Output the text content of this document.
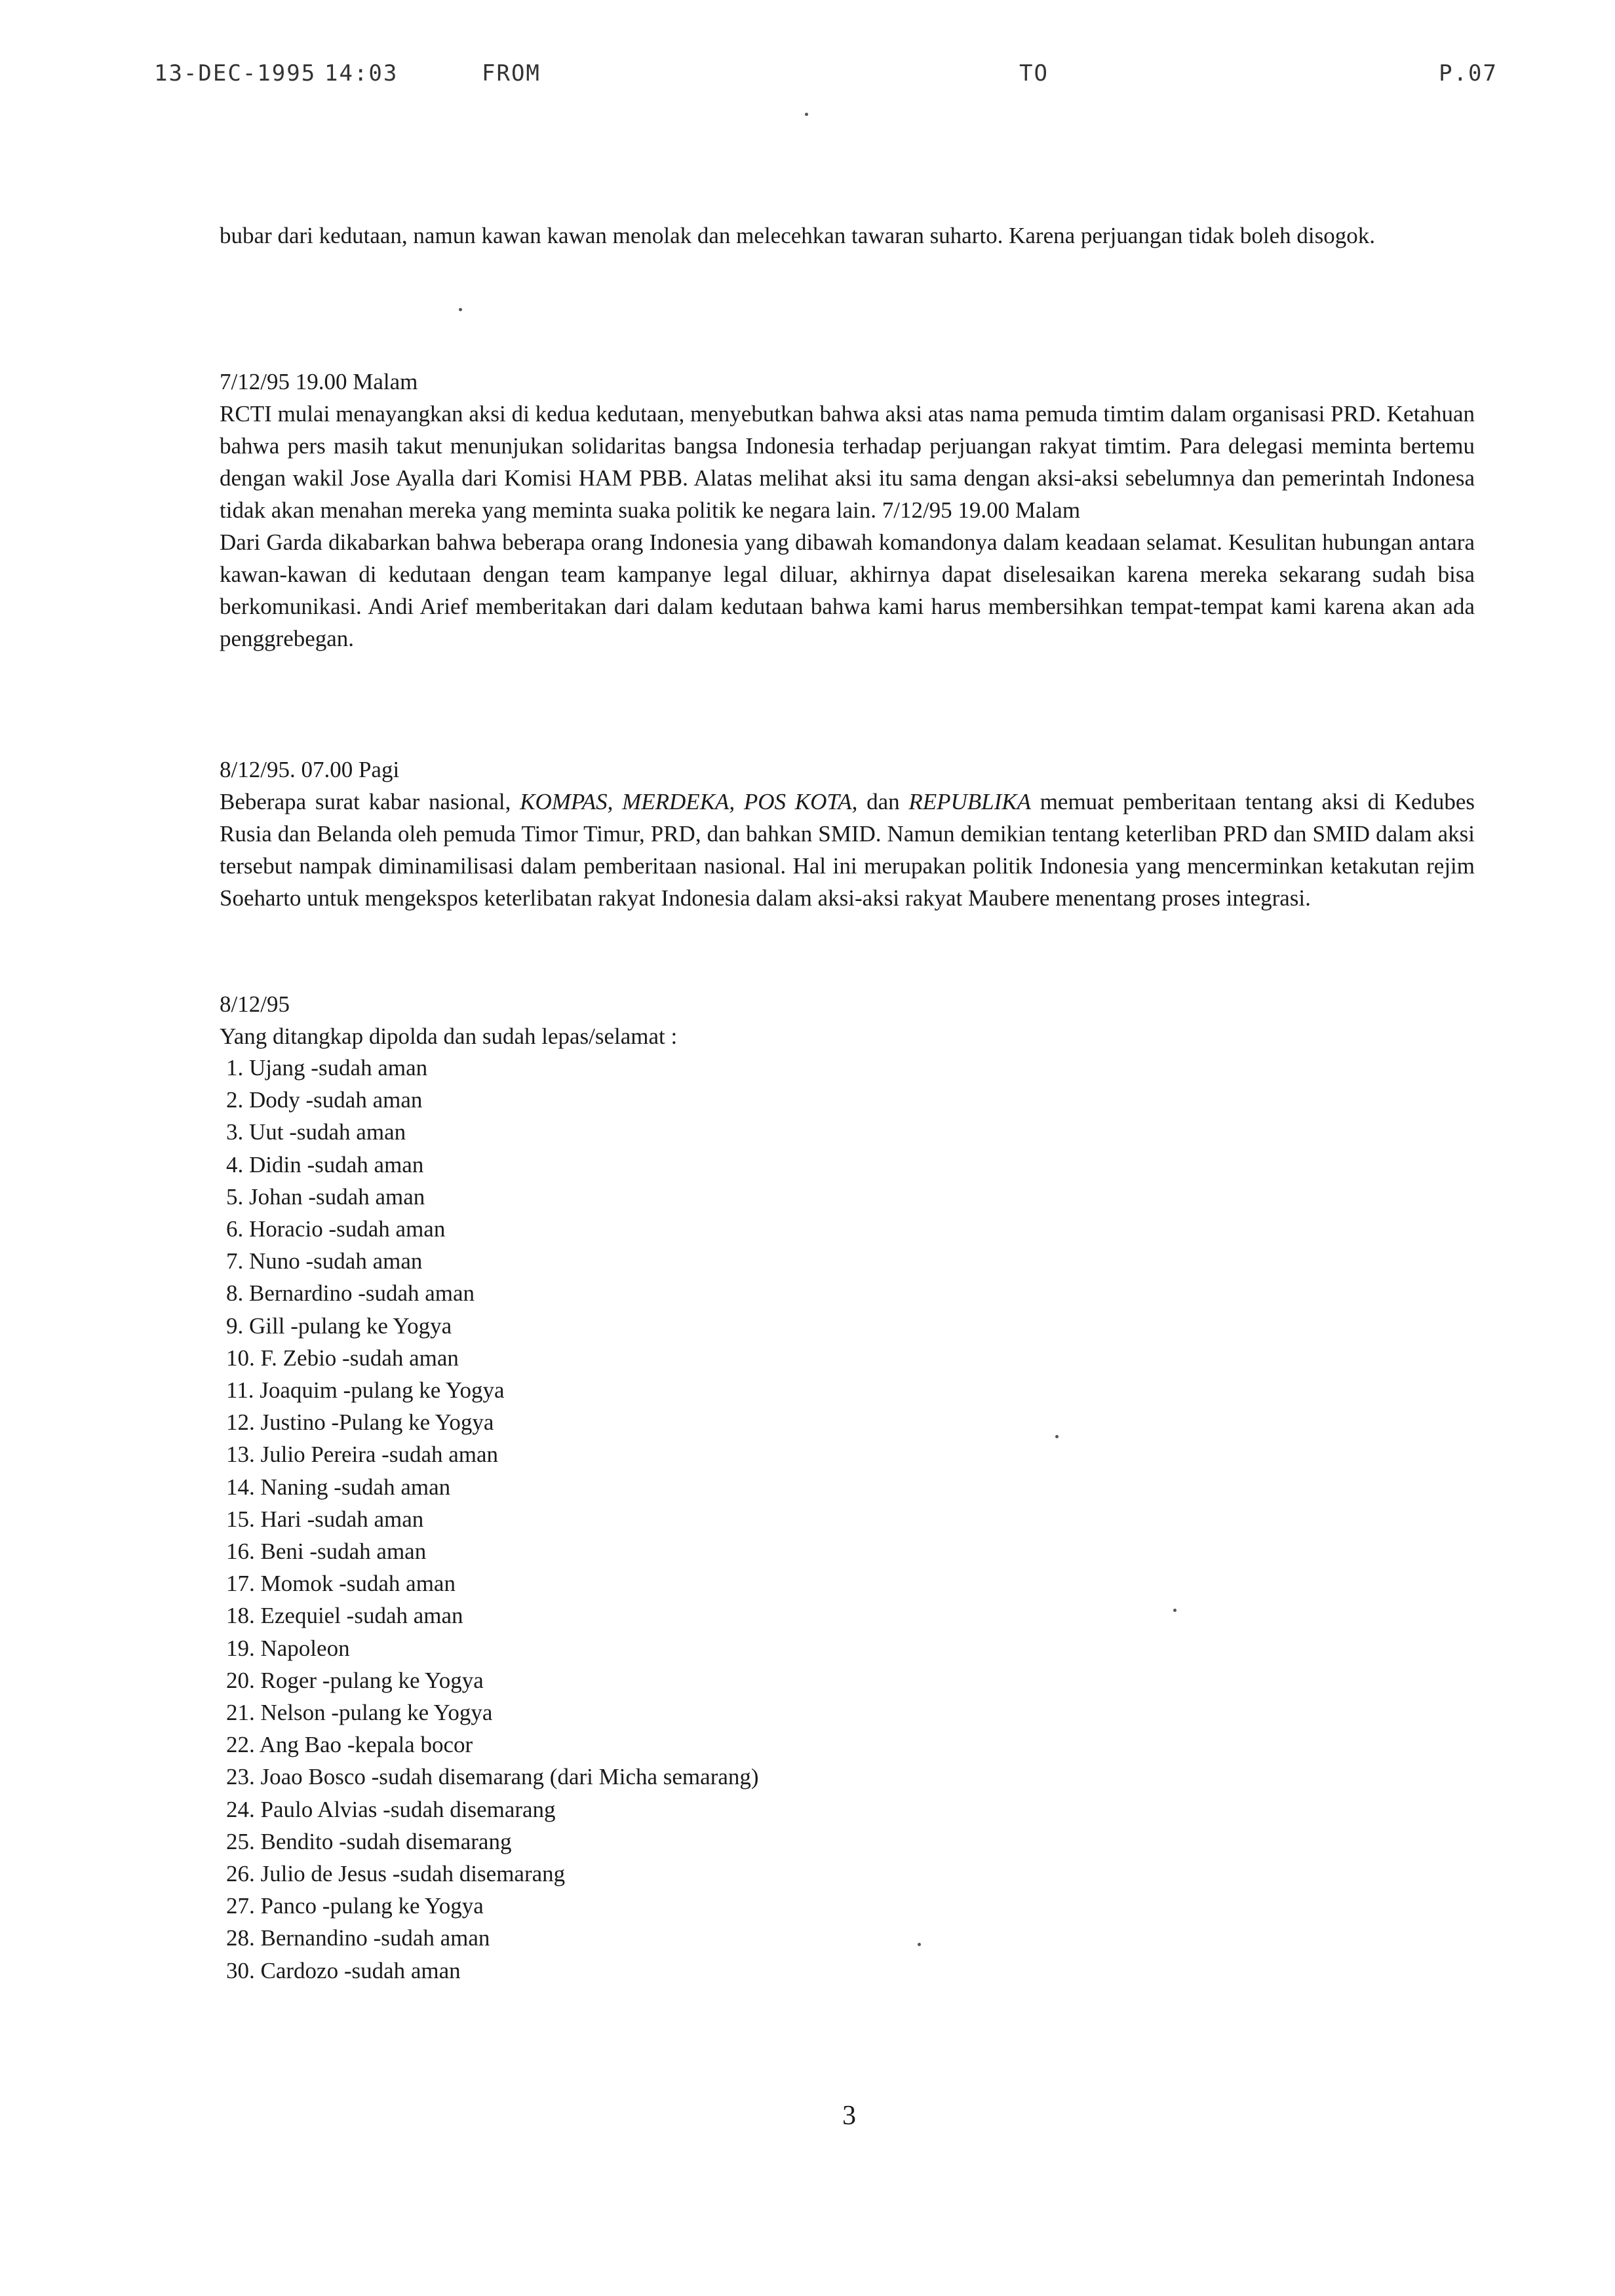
13-DEC-1995 14:03	FROM	TO	P.07

bubar dari kedutaan, namun kawan kawan menolak dan melecehkan tawaran suharto. Karena perjuangan tidak boleh disogok.

7/12/95 19.00 Malam

RCTI mulai menayangkan aksi di kedua kedutaan, menyebutkan bahwa aksi atas nama pemuda timtim dalam organisasi PRD. Ketahuan bahwa pers masih takut menunjukan solidaritas bangsa Indonesia terhadap perjuangan rakyat timtim. Para delegasi meminta bertemu dengan wakil Jose Ayalla dari Komisi HAM PBB. Alatas melihat aksi itu sama dengan aksi-aksi sebelumnya dan pemerintah Indonesa tidak akan menahan mereka yang meminta suaka politik ke negara lain. 7/12/95 19.00 Malam

Dari Garda dikabarkan bahwa beberapa orang Indonesia yang dibawah komandonya dalam keadaan selamat. Kesulitan hubungan antara kawan-kawan di kedutaan dengan team kampanye legal diluar, akhirnya dapat diselesaikan karena mereka sekarang sudah bisa berkomunikasi. Andi Arief memberitakan dari dalam kedutaan bahwa kami harus membersihkan tempat-tempat kami karena akan ada penggrebegan.

8/12/95. 07.00 Pagi

Beberapa surat kabar nasional, KOMPAS, MERDEKA, POS KOTA, dan REPUBLIKA memuat pemberitaan tentang aksi di Kedubes Rusia dan Belanda oleh pemuda Timor Timur, PRD, dan bahkan SMID. Namun demikian tentang keterliban PRD dan SMID dalam aksi tersebut nampak diminamilisasi dalam pemberitaan nasional. Hal ini merupakan politik Indonesia yang mencerminkan ketakutan rejim Soeharto untuk mengekspos keterlibatan rakyat Indonesia dalam aksi-aksi rakyat Maubere menentang proses integrasi.

8/12/95

Yang ditangkap dipolda dan sudah lepas/selamat :

1. Ujang -sudah aman
2. Dody -sudah aman
3. Uut -sudah aman
4. Didin -sudah aman
5. Johan -sudah aman
6. Horacio -sudah aman
7. Nuno -sudah aman
8. Bernardino -sudah aman
9. Gill -pulang ke Yogya
10. F. Zebio -sudah aman
11. Joaquim -pulang ke Yogya
12. Justino -Pulang ke Yogya
13. Julio Pereira -sudah aman
14. Naning -sudah aman
15. Hari -sudah aman
16. Beni -sudah aman
17. Momok -sudah aman
18. Ezequiel -sudah aman
19. Napoleon
20. Roger -pulang ke Yogya
21. Nelson -pulang ke Yogya
22. Ang Bao -kepala bocor
23. Joao Bosco -sudah disemarang (dari Micha semarang)
24. Paulo Alvias -sudah disemarang
25. Bendito -sudah disemarang
26. Julio de Jesus -sudah disemarang
27. Panco -pulang ke Yogya
28. Bernandino -sudah aman
30. Cardozo -sudah aman
3
